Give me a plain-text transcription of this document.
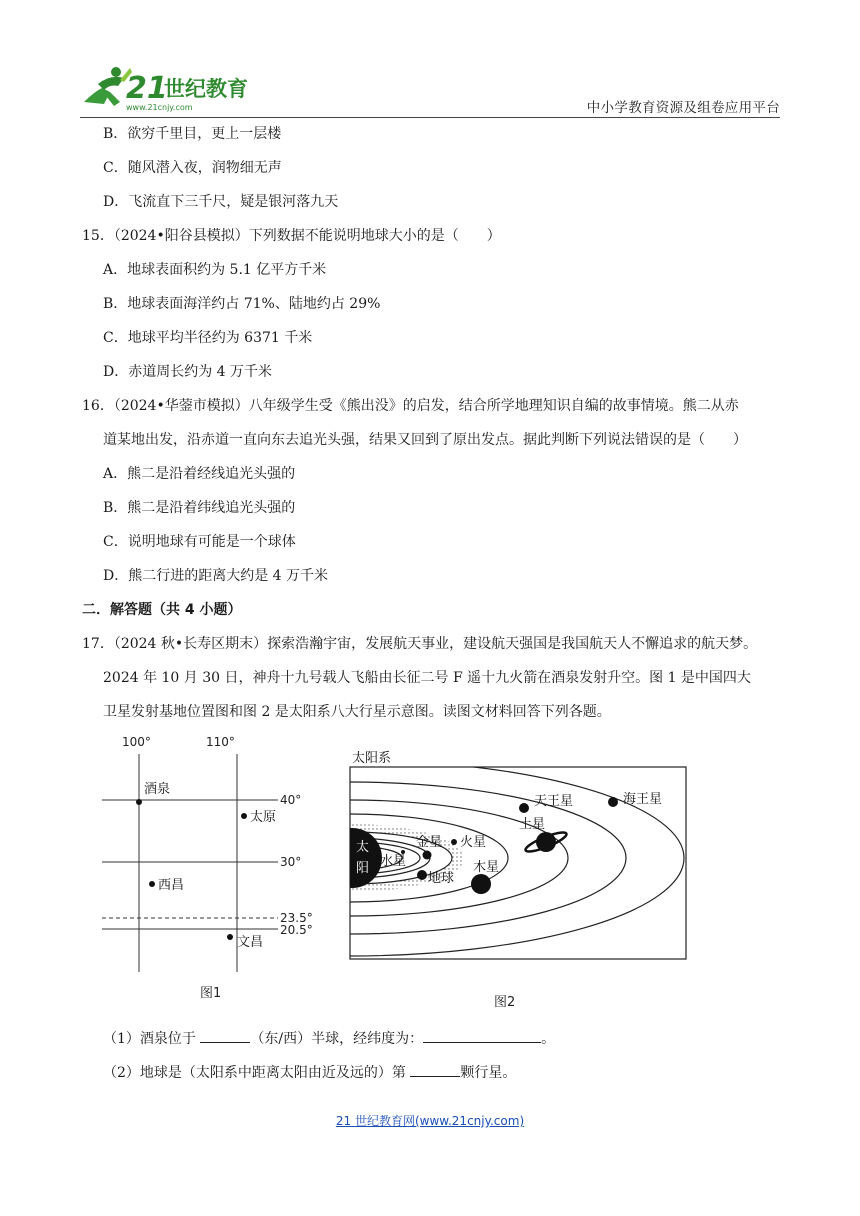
21
世纪教育
www.21cnjy.com	中小学教育资源及组卷应用平台
B．欲穷千里目，更上一层楼
C．随风潜入夜，润物细无声
D．飞流直下三千尺，疑是银河落九天
15．（2024•阳谷县模拟）下列数据不能说明地球大小的是（　　）
A．地球表面积约为 5.1 亿平方千米
B．地球表面海洋约占 71%、陆地约占 29%
C．地球平均半径约为 6371 千米
D．赤道周长约为 4 万千米
16．（2024•华蓥市模拟）八年级学生受《熊出没》的启发，结合所学地理知识自编的故事情境。熊二从赤
道某地出发，沿赤道一直向东去追光头强，结果又回到了原出发点。据此判断下列说法错误的是（　　）
A．熊二是沿着经线追光头强的
B．熊二是沿着纬线追光头强的
C．说明地球有可能是一个球体
D．熊二行进的距离大约是 4 万千米
二．解答题（共 4 小题）
17．（2024 秋•长寿区期末）探索浩瀚宇宙，发展航天事业，建设航天强国是我国航天人不懈追求的航天梦。
2024 年 10 月 30 日，神舟十九号载人飞船由长征二号 F 遥十九火箭在酒泉发射升空。图 1 是中国四大
卫星发射基地位置图和图 2 是太阳系八大行星示意图。读图文材料回答下列各题。
100°	110°
40°
30°
23.5°
20.5°
酒泉
太原
西昌
文昌
图1
太阳系
太
阳 水星
金星
地球
火星
木星
土星
天王星	海王星
图2
（1）酒泉位于	（东/西）半球，经纬度为：	。
（2）地球是（太阳系中距离太阳由近及远的）第	颗行星。
21 世纪教育网(www.21cnjy.com)
